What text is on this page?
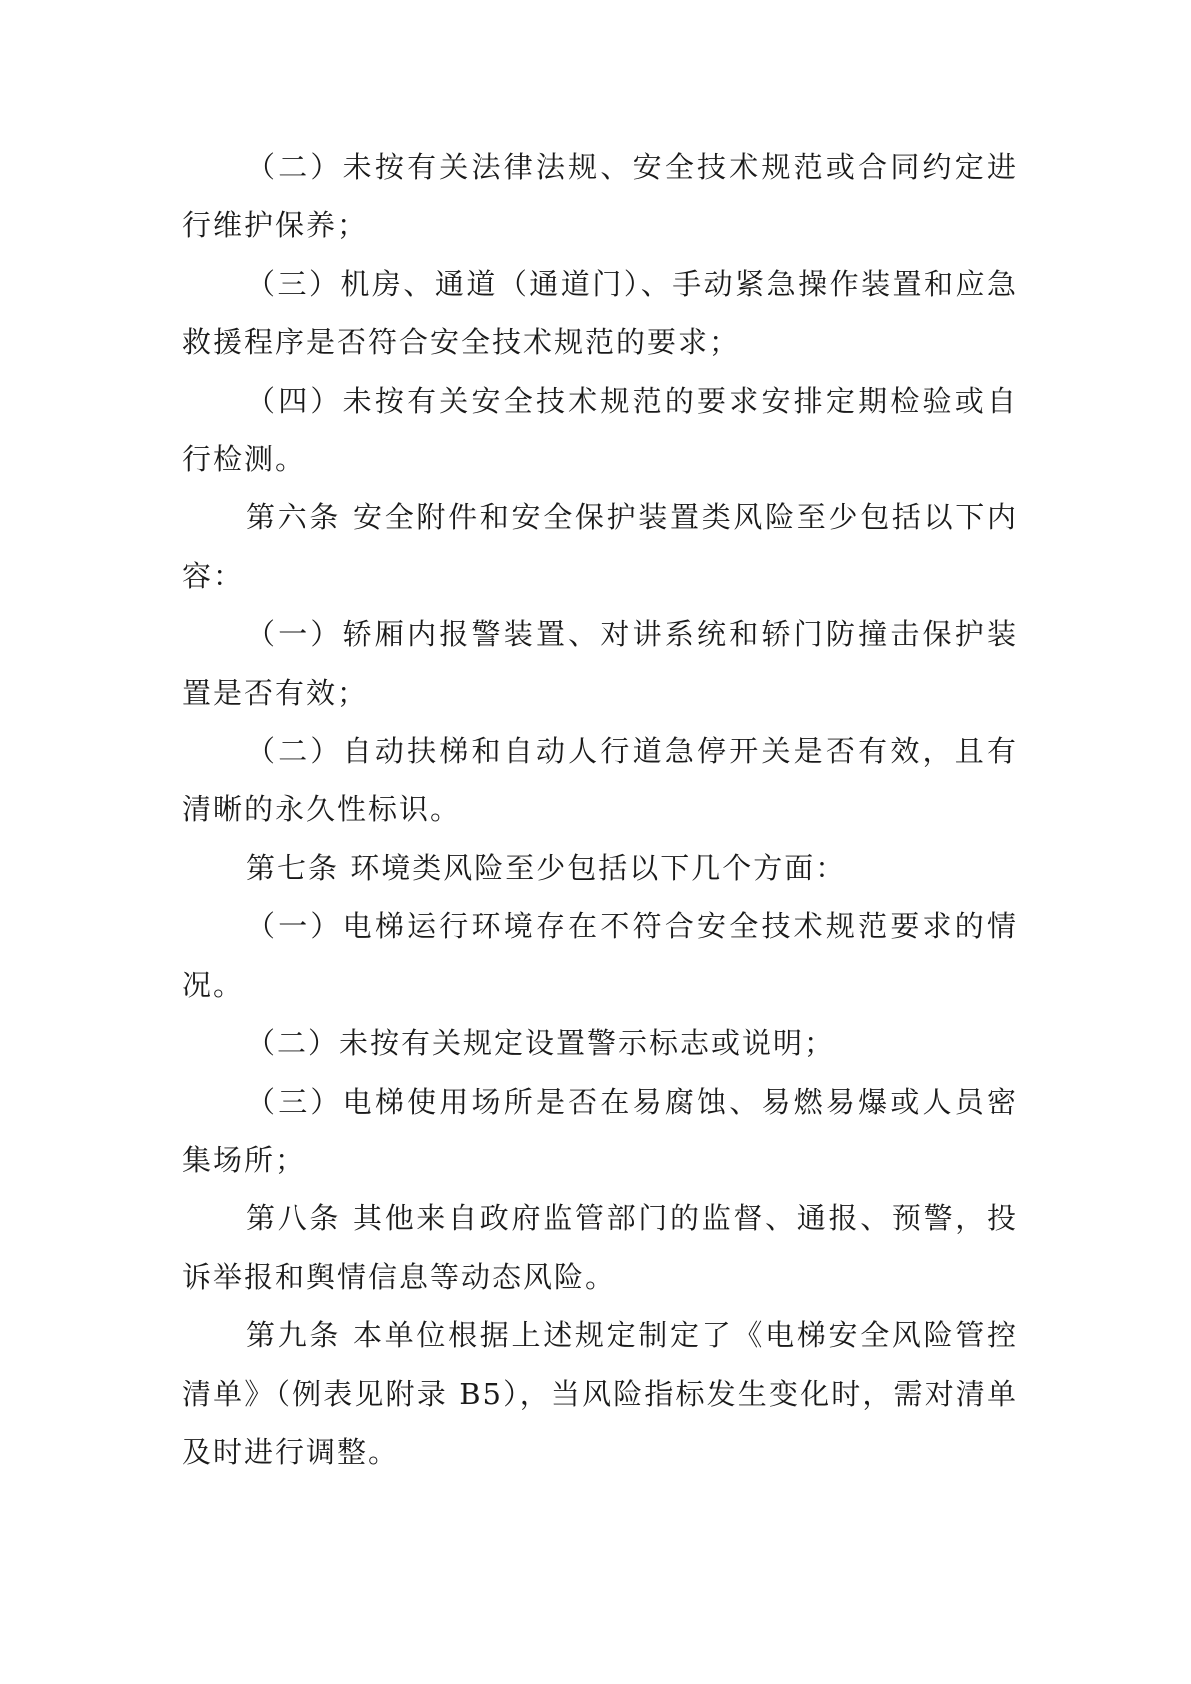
（二）未按有关法律法规、安全技术规范或合同约定进行维护保养；

（三）机房、通道（通道门）、手动紧急操作装置和应急救援程序是否符合安全技术规范的要求；

（四）未按有关安全技术规范的要求安排定期检验或自行检测。

第六条 安全附件和安全保护装置类风险至少包括以下内容：

（一）轿厢内报警装置、对讲系统和轿门防撞击保护装置是否有效；

（二）自动扶梯和自动人行道急停开关是否有效，且有清晰的永久性标识。

第七条 环境类风险至少包括以下几个方面：

（一）电梯运行环境存在不符合安全技术规范要求的情况。

（二）未按有关规定设置警示标志或说明；

（三）电梯使用场所是否在易腐蚀、易燃易爆或人员密集场所；

第八条 其他来自政府监管部门的监督、通报、预警，投诉举报和舆情信息等动态风险。

第九条 本单位根据上述规定制定了《电梯安全风险管控清单》（例表见附录 B5），当风险指标发生变化时，需对清单及时进行调整。
